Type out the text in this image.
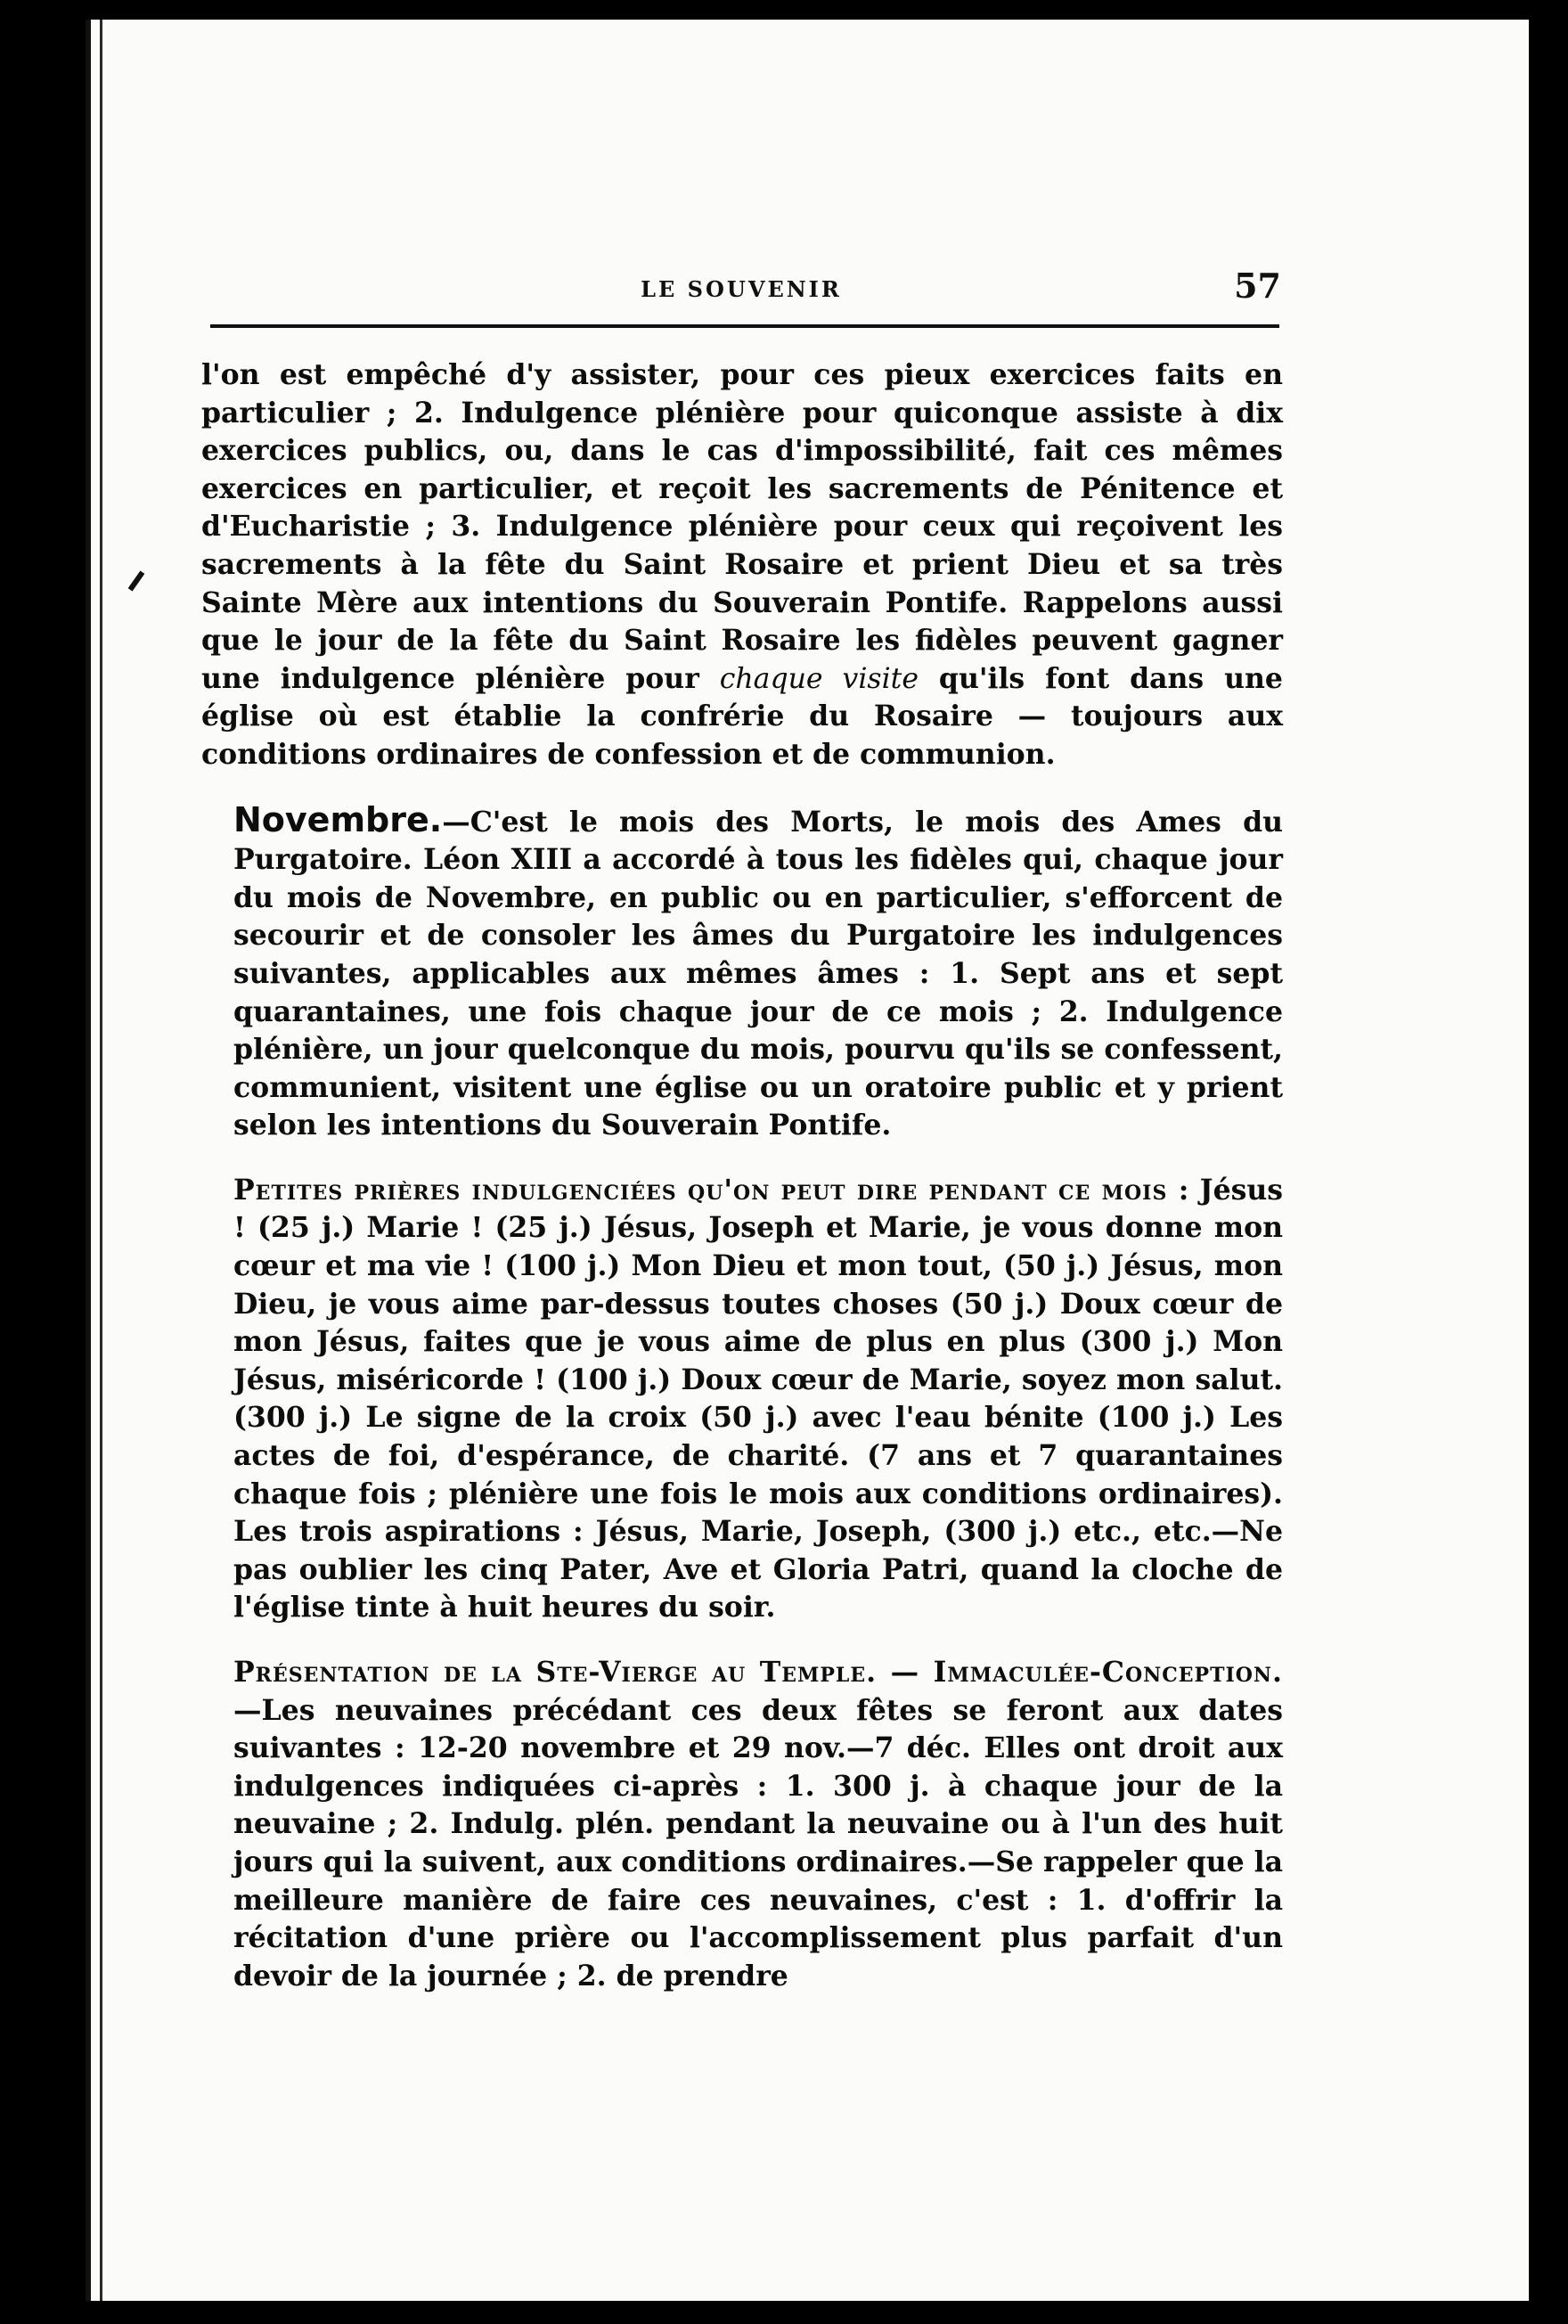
LE SOUVENIR	57

l'on est empêché d'y assister, pour ces pieux exercices faits en particulier ; 2. Indulgence plénière pour quiconque assiste à dix exercices publics, ou, dans le cas d'impossibilité, fait ces mêmes exercices en particulier, et reçoit les sacrements de Pénitence et d'Eucharistie ; 3. Indulgence plénière pour ceux qui reçoivent les sacrements à la fête du Saint Rosaire et prient Dieu et sa très Sainte Mère aux intentions du Souverain Pontife. Rappelons aussi que le jour de la fête du Saint Rosaire les fidèles peuvent gagner une indulgence plénière pour chaque visite qu'ils font dans une église où est établie la confrérie du Rosaire — toujours aux conditions ordinaires de confession et de communion.

Novembre.—C'est le mois des Morts, le mois des Ames du Purgatoire. Léon XIII a accordé à tous les fidèles qui, chaque jour du mois de Novembre, en public ou en particulier, s'efforcent de secourir et de consoler les âmes du Purgatoire les indulgences suivantes, applicables aux mêmes âmes : 1. Sept ans et sept quarantaines, une fois chaque jour de ce mois ; 2. Indulgence plénière, un jour quelconque du mois, pourvu qu'ils se confessent, communient, visitent une église ou un oratoire public et y prient selon les intentions du Souverain Pontife.

Petites prières indulgenciées qu'on peut dire pendant ce mois : Jésus ! (25 j.) Marie ! (25 j.) Jésus, Joseph et Marie, je vous donne mon cœur et ma vie ! (100 j.) Mon Dieu et mon tout, (50 j.) Jésus, mon Dieu, je vous aime par-dessus toutes choses (50 j.) Doux cœur de mon Jésus, faites que je vous aime de plus en plus (300 j.) Mon Jésus, miséricorde ! (100 j.) Doux cœur de Marie, soyez mon salut. (300 j.) Le signe de la croix (50 j.) avec l'eau bénite (100 j.) Les actes de foi, d'espérance, de charité. (7 ans et 7 quarantaines chaque fois ; plénière une fois le mois aux conditions ordinaires). Les trois aspirations : Jésus, Marie, Joseph, (300 j.) etc., etc.—Ne pas oublier les cinq Pater, Ave et Gloria Patri, quand la cloche de l'église tinte à huit heures du soir.

Présentation de la Ste-Vierge au Temple. — Immaculée-Conception.—Les neuvaines précédant ces deux fêtes se feront aux dates suivantes : 12-20 novembre et 29 nov.—7 déc. Elles ont droit aux indulgences indiquées ci-après : 1. 300 j. à chaque jour de la neuvaine ; 2. Indulg. plén. pendant la neuvaine ou à l'un des huit jours qui la suivent, aux conditions ordinaires.—Se rappeler que la meilleure manière de faire ces neuvaines, c'est : 1. d'offrir la récitation d'une prière ou l'accomplissement plus parfait d'un devoir de la journée ; 2. de prendre
